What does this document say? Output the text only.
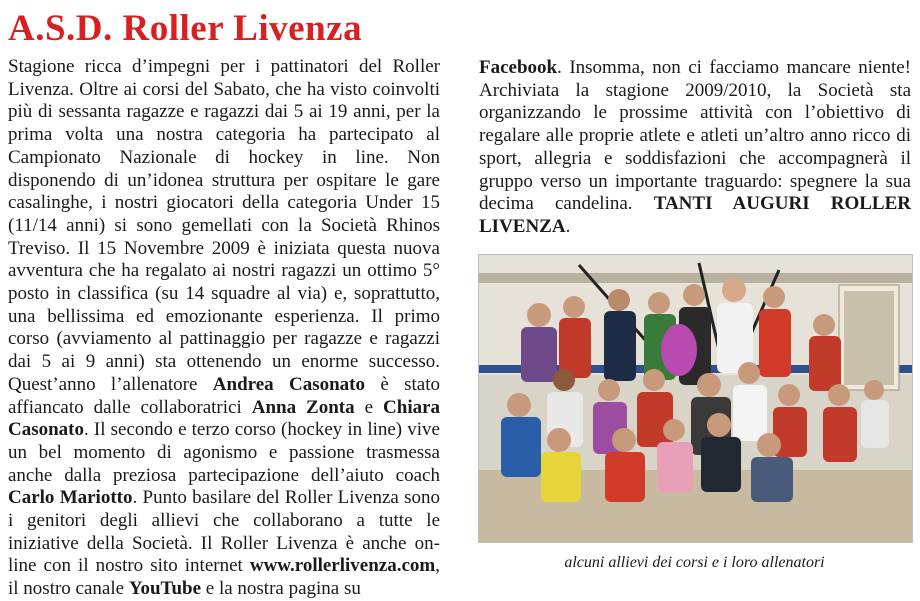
A.S.D. Roller Livenza
Stagione ricca d’impegni per i pattinatori del Roller Livenza. Oltre ai corsi del Sabato, che ha visto coinvolti più di sessanta ragazze e ragazzi dai 5 ai 19 anni, per la prima volta una nostra categoria ha partecipato al Campionato Nazionale di hockey in line. Non disponendo di un’idonea struttura per ospitare le gare casalinghe, i nostri giocatori della categoria Under 15 (11/14 anni) si sono gemellati con la Società Rhinos Treviso. Il 15 Novembre 2009 è iniziata questa nuova avventura che ha regalato ai nostri ragazzi un ottimo 5° posto in classifica (su 14 squadre al via) e, soprattutto, una bellissima ed emozionante esperienza. Il primo corso (avviamento al pattinaggio per ragazze e ragazzi dai 5 ai 9 anni) sta ottenendo un enorme successo. Quest’anno l’allenatore Andrea Casonato è stato affiancato dalle collaboratrici Anna Zonta e Chiara Casonato. Il secondo e terzo corso (hockey in line) vive un bel momento di agonismo e passione trasmessa anche dalla preziosa partecipazione dell’aiuto coach Carlo Mariotto. Punto basilare del Roller Livenza sono i genitori degli allievi che collaborano a tutte le iniziative della Società. Il Roller Livenza è anche on-line con il nostro sito internet www.rollerlivenza.com, il nostro canale YouTube e la nostra pagina su
Facebook. Insomma, non ci facciamo mancare niente! Archiviata la stagione 2009/2010, la Società sta organizzando le prossime attività con l’obiettivo di regalare alle proprie atlete e atleti un’altro anno ricco di sport, allegria e soddisfazioni che accompagnerà il gruppo verso un importante traguardo: spegnere la sua decima candelina. TANTI AUGURI ROLLER LIVENZA.
alcuni allievi dei corsi e i loro allenatori
